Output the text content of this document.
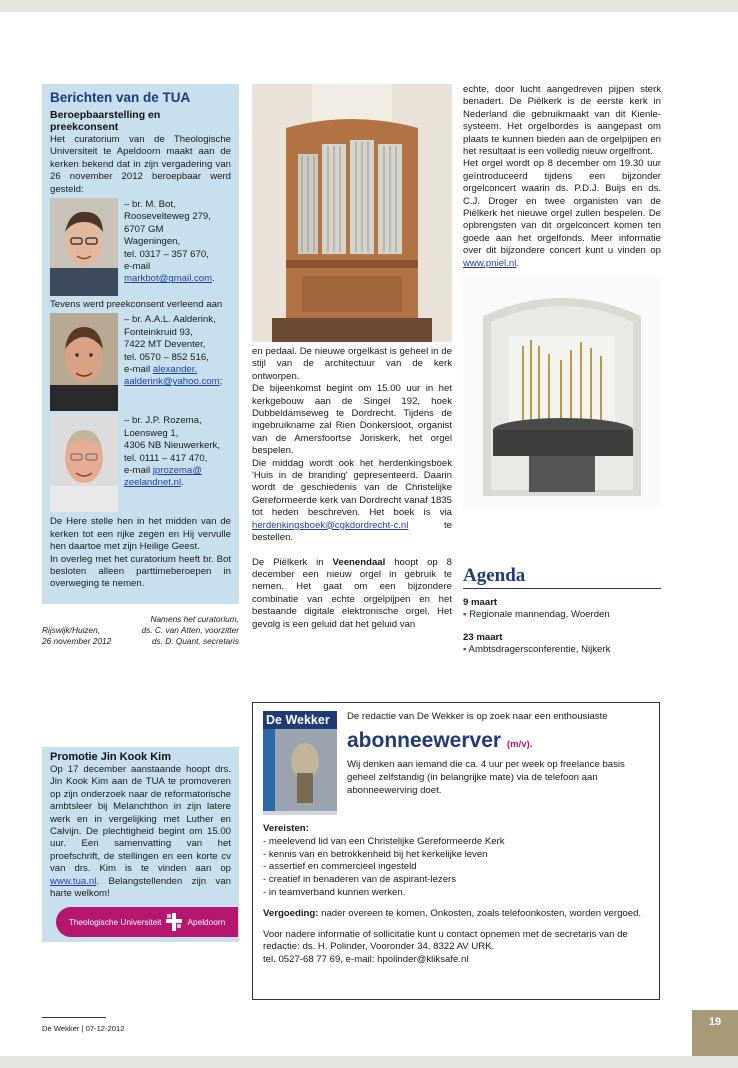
Berichten van de TUA
Beroepbaarstelling en preekconsent
Het curatorium van de Theologische Universiteit te Apeldoorn maakt aan de kerken bekend dat in zijn vergadering van 26 november 2012 beroepbaar werd gesteld:
– br. M. Bot,
Roosevelteweg 279,
6707 GM
Wageningen,
tel. 0317 – 357 670,
e-mail
markbot@gmail.com.
Tevens werd preekconsent verleend aan
– br. A.A.L. Aalderink,
Fonteinkruid 93,
7422 MT Deventer,
tel. 0570 – 852 516,
e-mail alexander.
aalderink@yahoo.com;
– br. J.P. Rozema,
Loensweg 1,
4306 NB Nieuwerkerk,
tel. 0111 – 417 470,
e-mail jprozema@
zeelandnet.nl.
De Here stelle hen in het midden van de kerken tot een rijke zegen en Hij vervulle hen daartoe met zijn Heilige Geest.
In overleg met het curatorium heeft br. Bot besloten alleen parttimeberoepen in overweging te nemen.
Namens het curatorium,
Rijswijk/Huizen,	ds. C. van Atten, voorzitter
26 november 2012	ds. D. Quant, secretaris
Promotie Jin Kook Kim
Op 17 december aanstaande hoopt drs. Jin Kook Kim aan de TUA te promoveren op zijn onderzoek naar de reformatorische ambtsleer bij Melanchthon in zijn latere werk en in vergelijking met Luther en Calvijn. De plechtigheid begint om 15.00 uur. Een samenvatting van het proefschrift, de stellingen en een korte cv van drs. Kim is te vinden aan op www.tua.nl. Belangstellenden zijn van harte welkom!
Theologische Universiteit	Apeldoorn
en pedaal. De nieuwe orgelkast is geheel in de stijl van de architectuur van de kerk ontworpen.
De bijeenkomst begint om 15.00 uur in het kerkgebouw aan de Singel 192, hoek Dubbeldamseweg te Dordrecht. Tijdens de ingebruikname zal Rien Donkersloot, organist van de Amersfoortse Joriskerk, het orgel bespelen.
Die middag wordt ook het herdenkingsboek 'Huis in de branding' gepresenteerd. Daarin wordt de geschiedenis van de Christelijke Gereformeerde kerk van Dordrecht vanaf 1835 tot heden beschreven. Het boek is via herdenkingsboek@cgkdordrecht-c.nl te bestellen.
De Piëlkerk in Veenendaal hoopt op 8 december een nieuw orgel in gebruik te nemen. Het gaat om een bijzondere combinatie van echte orgelpijpen en het bestaande digitale elektronische orgel. Het gevolg is een geluid dat het geluid van
echte, door lucht aangedreven pijpen sterk benadert. De Piëlkerk is de eerste kerk in Nederland die gebruikmaakt van dit Kienle-systeem. Het orgelbordes is aangepast om plaats te kunnen bieden aan de orgelpijpen en het resultaat is een volledig nieuw orgelfront.
Het orgel wordt op 8 december om 19.30 uur geïntroduceerd tijdens een bijzonder orgelconcert waarin ds. P.D.J. Buijs en ds. C.J. Droger en twee organisten van de Piëlkerk het nieuwe orgel zullen bespelen. De opbrengsten van dit orgelconcert komen ten goede aan het orgelfonds. Meer informatie over dit bijzondere concert kunt u vinden op www.pniel.nl.
Agenda
9 maart
▪ Regionale mannendag, Woerden
23 maart
▪ Ambtsdragersconferentie, Nijkerk
De Wekker	De redactie van De Wekker is op zoek naar een enthousiaste
abonneewerver (m/v).
Wij denken aan iemand die ca. 4 uur per week op freelance basis geheel zelfstandig (in belangrijke mate) via de telefoon aan abonneewerving doet.
Vereisten:
- meelevend lid van een Christelijke Gereformeerde Kerk
- kennis van en betrokkenheid bij het kerkelijke leven
- assertief en commercieel ingesteld
- creatief in benaderen van de aspirant-lezers
- in teamverband kunnen werken.
Vergoeding: nader overeen te komen. Onkosten, zoals telefoonkosten, worden vergoed.
Voor nadere informatie of sollicitatie kunt u contact opnemen met de secretaris van de redactie: ds. H. Polinder, Vooronder 34, 8322 AV URK.
tel. 0527-68 77 69, e-mail: hpolinder@kliksafe.nl
De Wekker | 07-12-2012
19
